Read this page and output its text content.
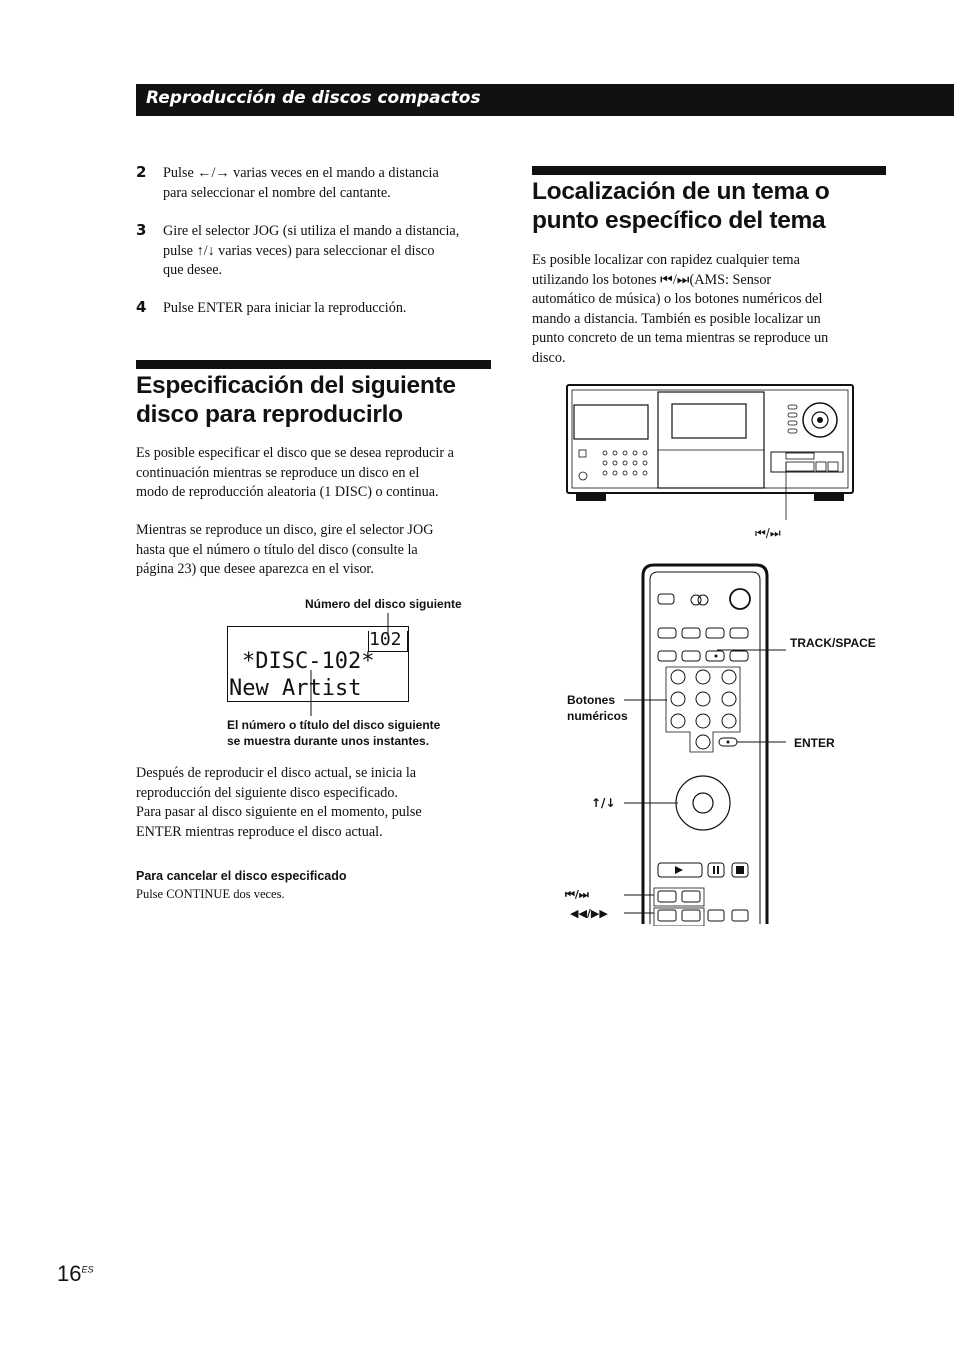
Reproducción de discos compactos
2 Pulse ←/→ varias veces en el mando a distancia
para seleccionar el nombre del cantante.
3 Gire el selector JOG (si utiliza el mando a distancia,
pulse ↑/↓ varias veces) para seleccionar el disco
que desee.
4 Pulse ENTER para iniciar la reproducción.
Especificación del siguiente
disco para reproducirlo
Es posible especificar el disco que se desea reproducir a
continuación mientras se reproduce un disco en el
modo de reproducción aleatoria (1 DISC) o continua.
Mientras se reproduce un disco, gire el selector JOG
hasta que el número o título del disco (consulte la
página 23) que desee aparezca en el visor.
Número del disco siguiente
102
*DISC-102*
New Artist
El número o título del disco siguiente
se muestra durante unos instantes.
Después de reproducir el disco actual, se inicia la
reproducción del siguiente disco especificado.
Para pasar al disco siguiente en el momento, pulse
ENTER mientras reproduce el disco actual.
Para cancelar el disco especificado
Pulse CONTINUE dos veces.
Localización de un tema o
punto específico del tema
Es posible localizar con rapidez cualquier tema
utilizando los botones ⏮/⏭(AMS: Sensor
automático de música) o los botones numéricos del
mando a distancia. También es posible localizar un
punto concreto de un tema mientras se reproduce un
disco.
⏮/⏭
TRACK/SPACE
Botones
numéricos
ENTER
↑/↓
⏮/⏭
◀◀/▶▶
$16^{ES}$
